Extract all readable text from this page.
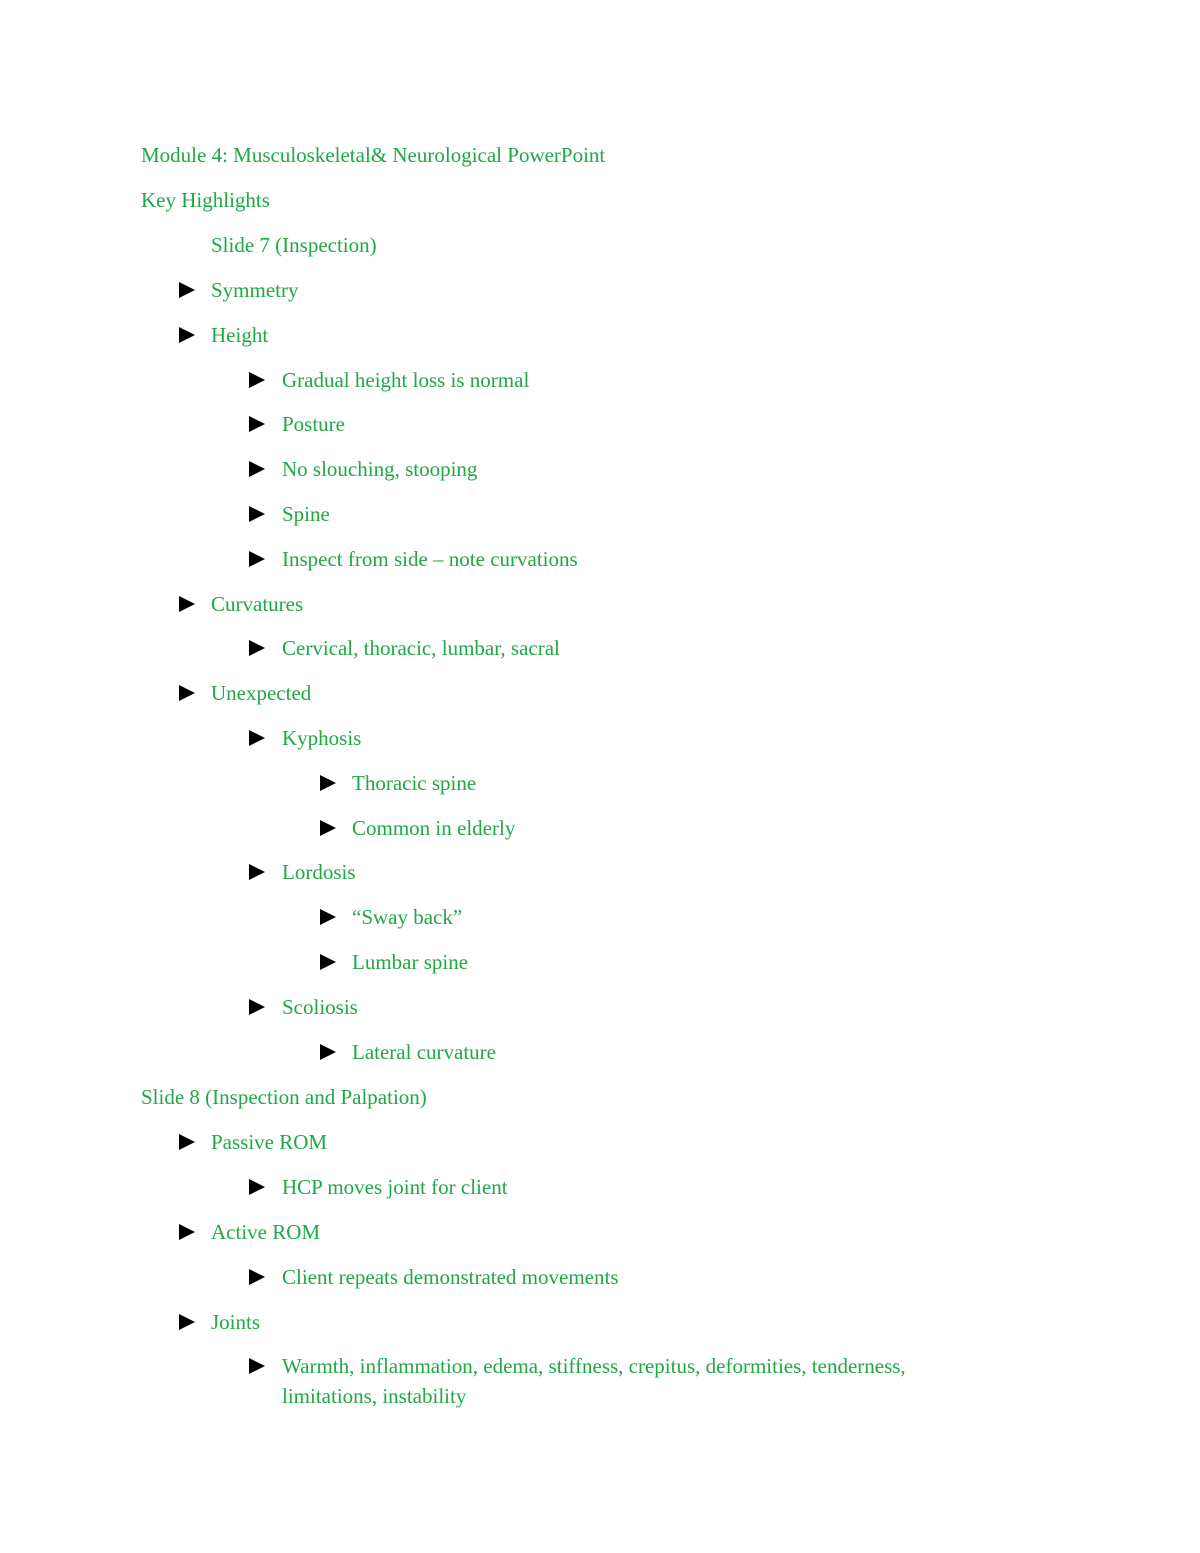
Module 4: Musculoskeletal& Neurological PowerPoint
Key Highlights
Slide 7 (Inspection)
Symmetry
Height
Gradual height loss is normal
Posture
No slouching, stooping
Spine
Inspect from side – note curvations
Curvatures
Cervical, thoracic, lumbar, sacral
Unexpected
Kyphosis
Thoracic spine
Common in elderly
Lordosis
“Sway back”
Lumbar spine
Scoliosis
Lateral curvature
Slide 8 (Inspection and Palpation)
Passive ROM
HCP moves joint for client
Active ROM
Client repeats demonstrated movements
Joints
Warmth, inflammation, edema, stiffness, crepitus, deformities, tenderness, limitations, instability
